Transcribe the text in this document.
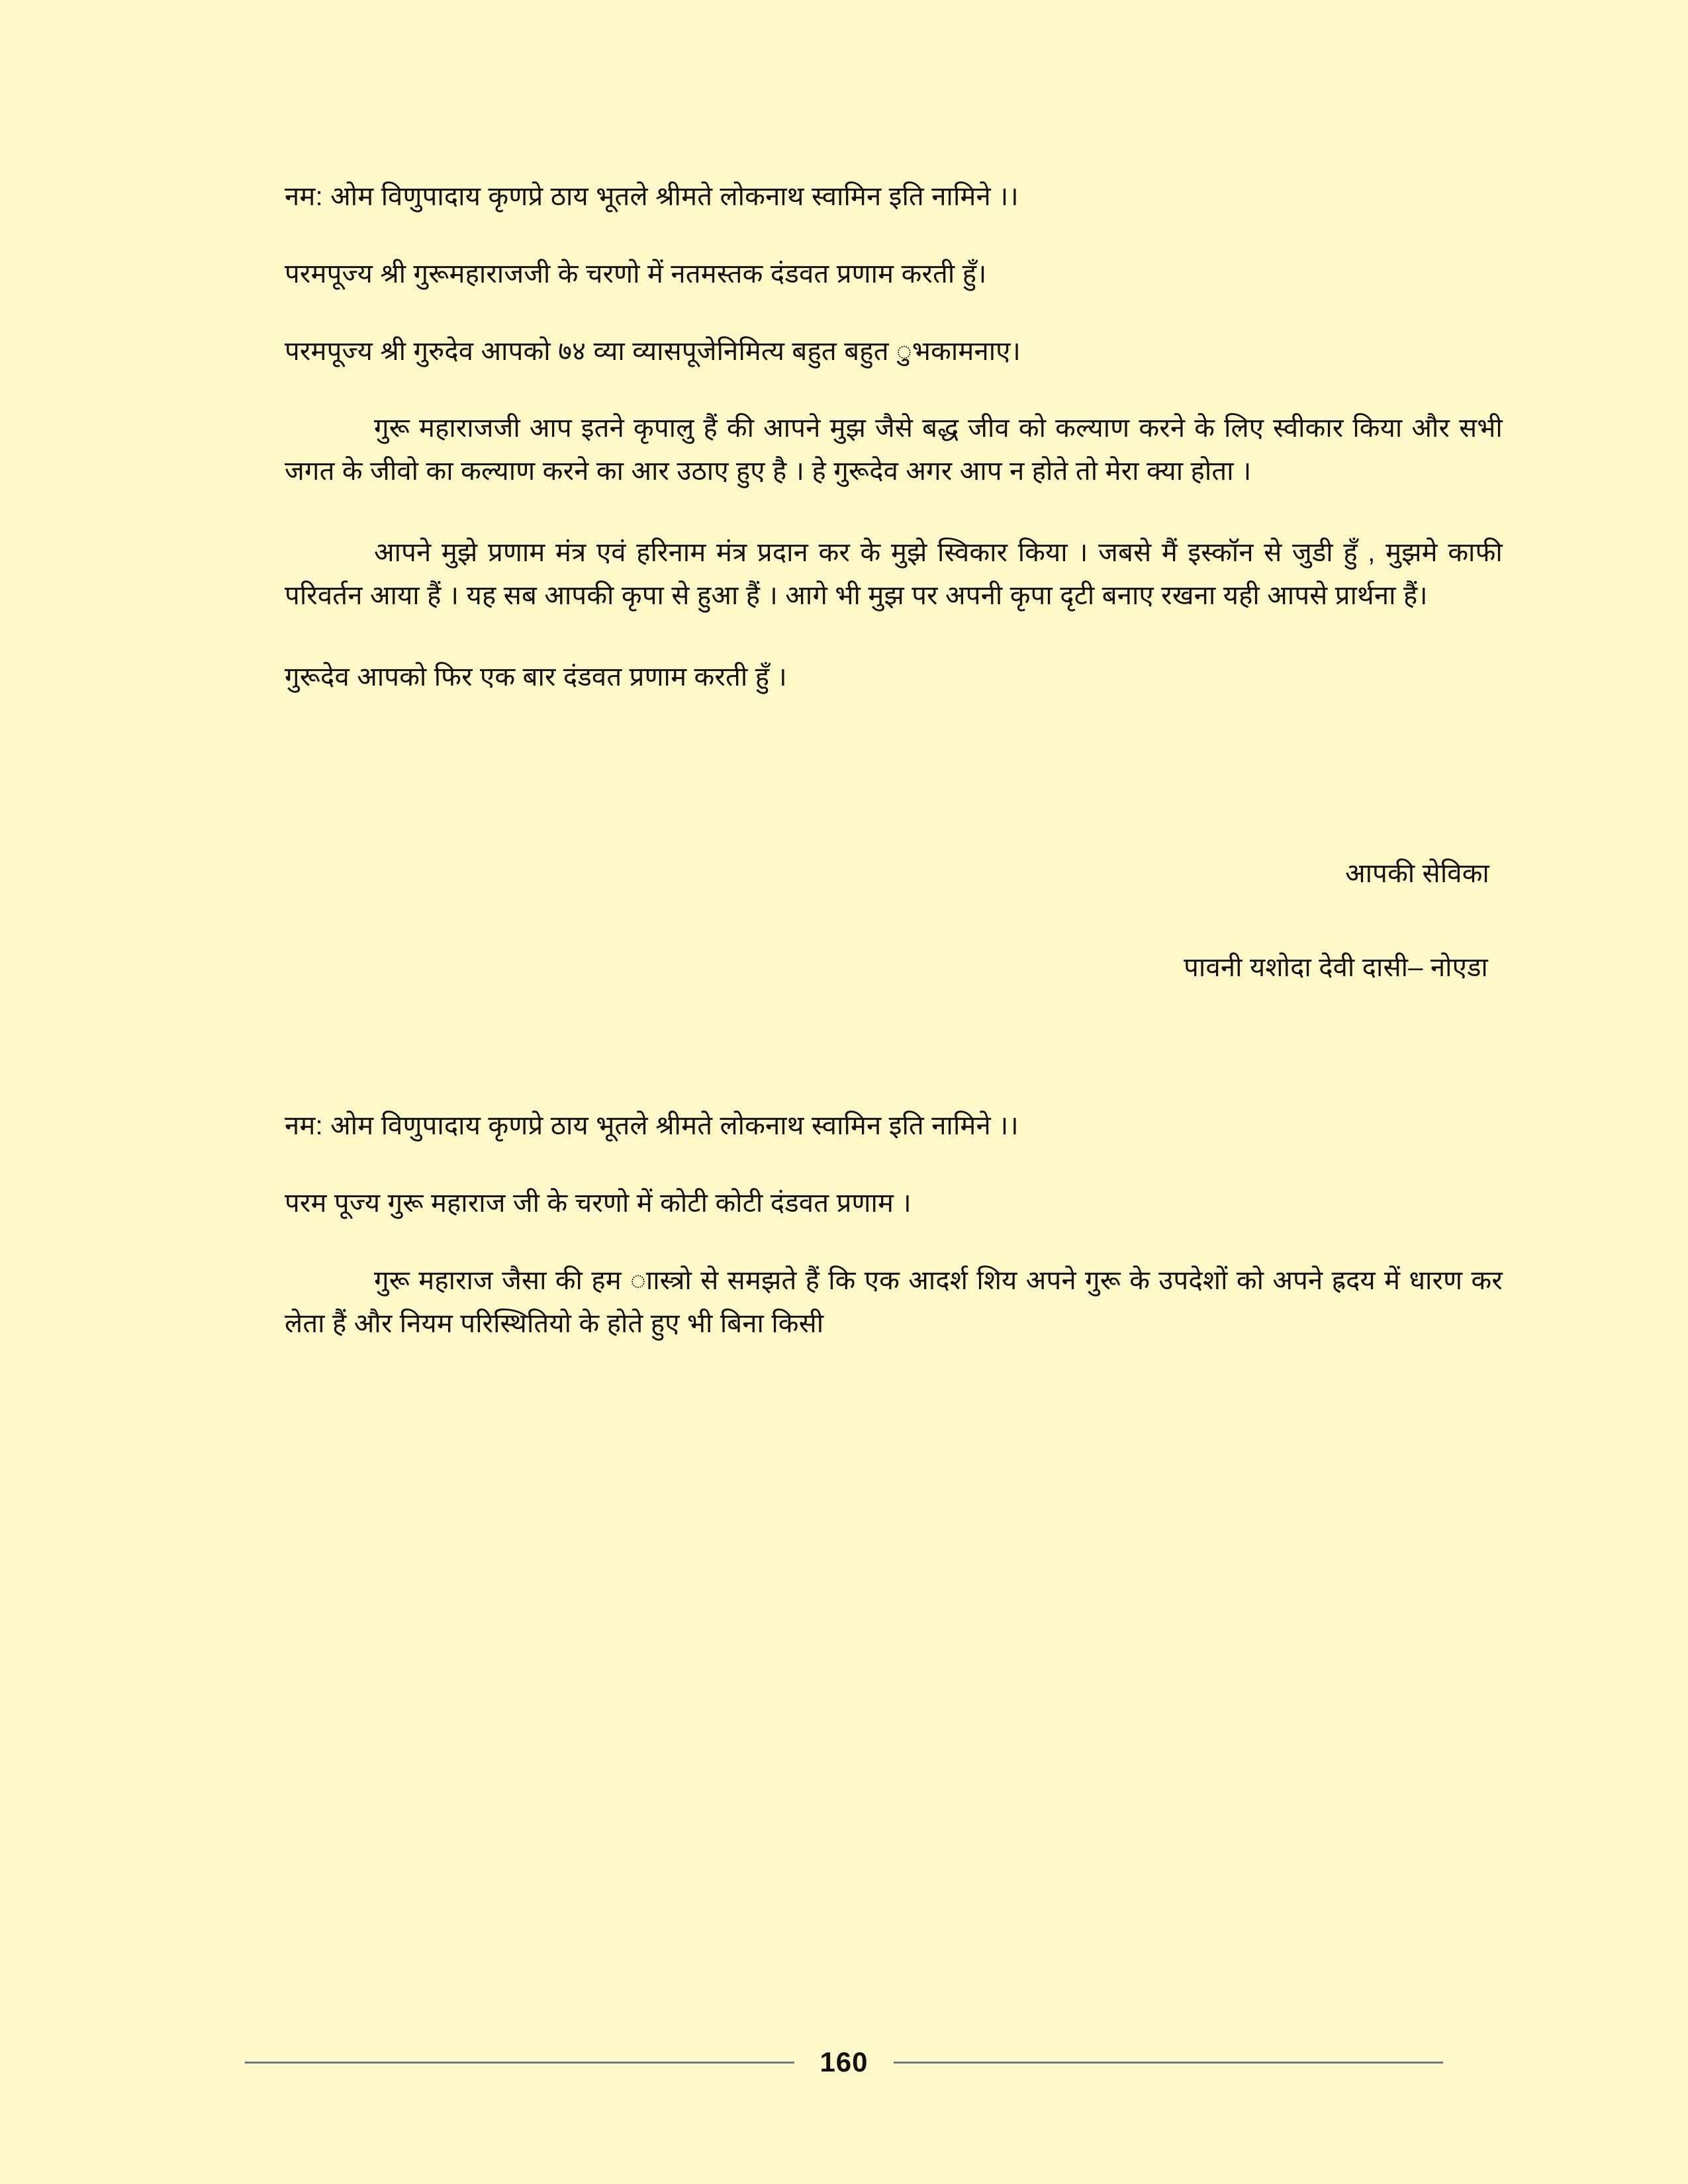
नम: ओम वि‌णुपादाय कृ‌णप्रे ठाय भूतले श्रीमते लोकनाथ स्वामिन इति नामिने ।।

परमपूज्य श्री गुरूमहाराजजी के चरणो में नतमस्तक दंडवत प्रणाम करती हुँ।

परमपूज्य श्री गुरुदेव आपको ७४ व्या व्यासपूजेनिमित्य बहुत बहुत ‌ुभकामनाए।

गुरू महाराजजी आप इतने कृपालु हैं की आपने मुझ जैसे बद्ध जीव को कल्याण करने के लिए स्वीकार किया और सभी जगत के जीवो का कल्याण करने का आर उठाए हुए है । हे गुरूदेव अगर आप न होते तो मेरा क्या होता ।

आपने मुझे प्रणाम मंत्र एवं हरिनाम मंत्र प्रदान कर के मुझे स्विकार किया । जबसे मैं इस्कॉन से जुडी हुँ , मुझमे काफी परिवर्तन आया हैं । यह सब आपकी कृपा से हुआ हैं । आगे भी मुझ पर अपनी कृपा दृ‌टी बनाए रखना यही आपसे प्रार्थना हैं।

गुरूदेव आपको फिर एक बार दंडवत प्रणाम करती हुँ ।

आपकी सेविका

पावनी यशोदा देवी दासी– नोएडा

नम: ओम वि‌णुपादाय कृ‌णप्रे ठाय भूतले श्रीमते लोकनाथ स्वामिन इति नामिने ।।

परम पूज्य गुरू महाराज जी के चरणो में ‌कोटी कोटी दंडवत प्रणाम ।

गुरू महाराज जैसा की हम ‌ाास्त्रो से समझते हैं कि एक आदर्श शि‌य अपने गुरू के उपदेशों को अपने ह्रदय में धारण कर लेता हैं और नियम परिस्थितियो के होते हुए भी बिना किसी

160
